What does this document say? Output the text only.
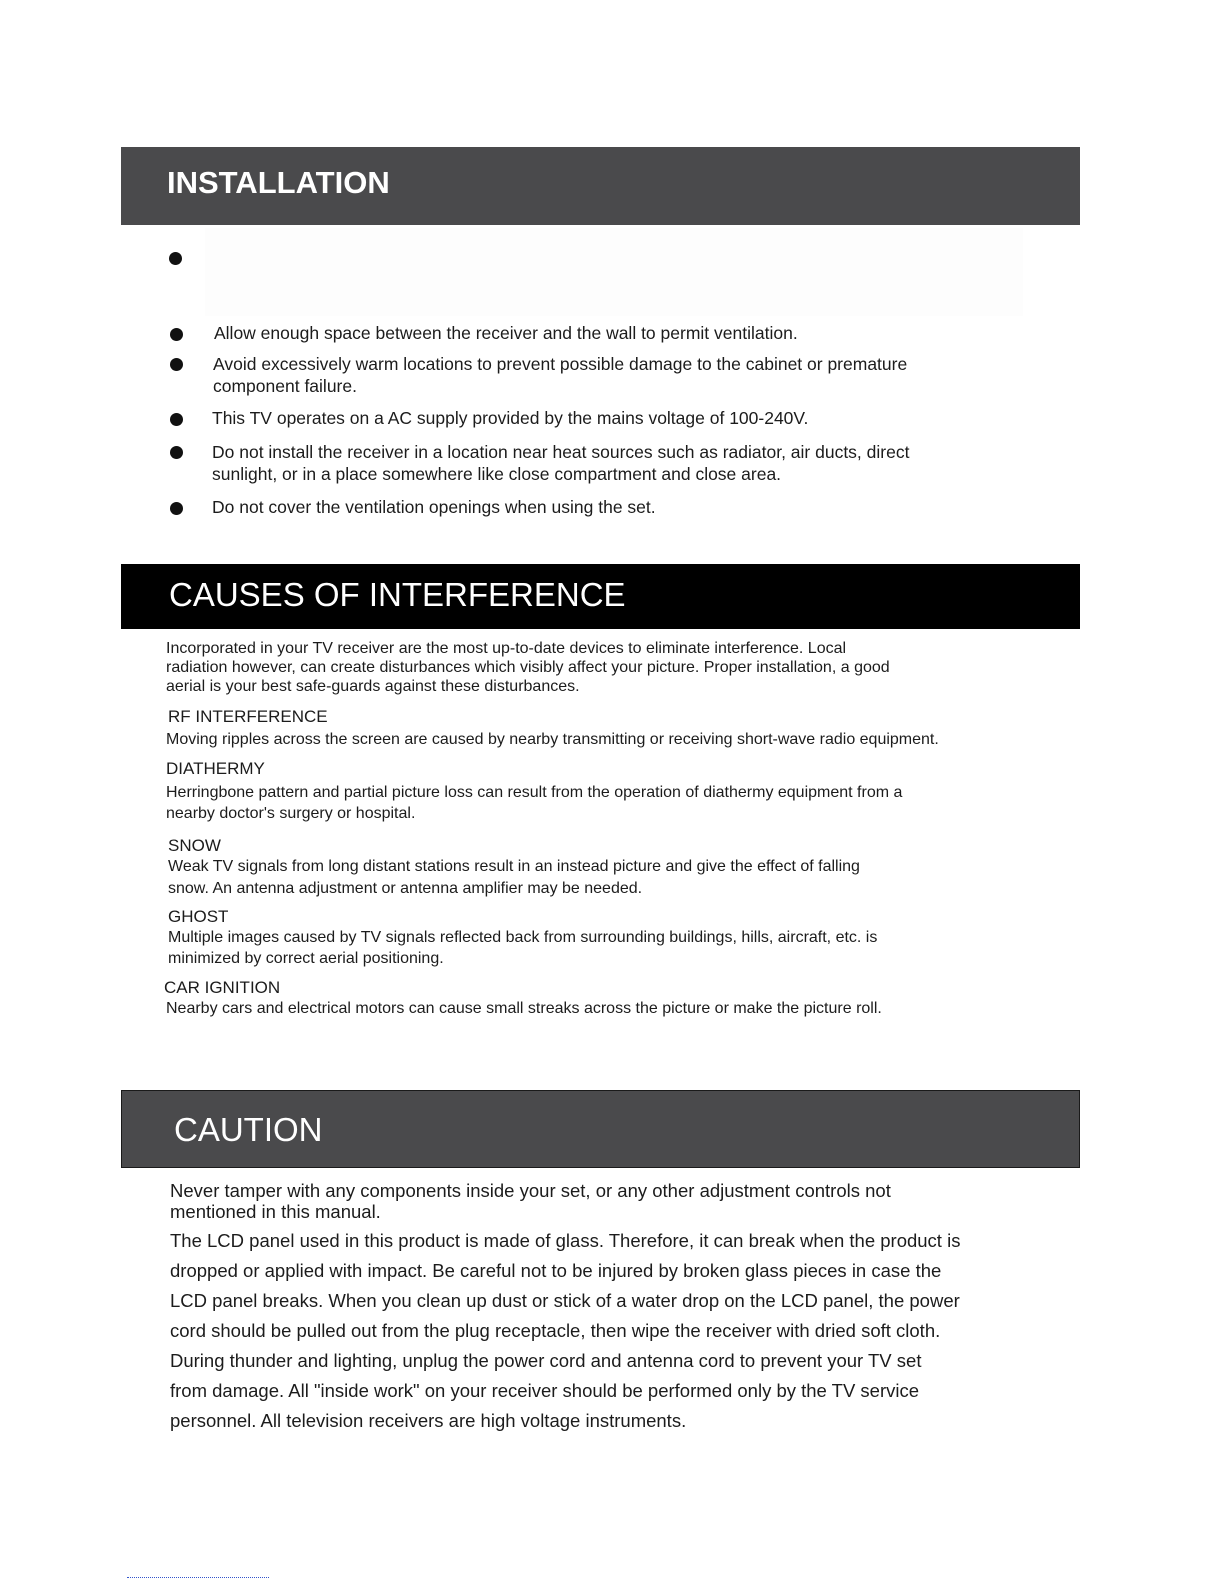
INSTALLATION
Allow enough space between the receiver and the wall to permit ventilation.
Avoid excessively warm locations to prevent possible damage to the cabinet or premature
component failure.
This TV operates on a AC supply provided by the mains voltage of 100-240V.
Do not install the receiver in a location near heat sources such as radiator, air ducts, direct
sunlight, or in a place somewhere like close compartment and close area.
Do not cover the ventilation openings when using the set.
CAUSES OF INTERFERENCE
Incorporated in your TV receiver are the most up-to-date devices to eliminate interference. Local
radiation however, can create disturbances which visibly affect your picture. Proper installation, a good
aerial is your best safe-guards against these disturbances.
RF INTERFERENCE
Moving ripples across the screen are caused by nearby transmitting or receiving short-wave radio equipment.
DIATHERMY
Herringbone pattern and partial picture loss can result from the operation of diathermy equipment from a
nearby doctor's surgery or hospital.
SNOW
Weak TV signals from long distant stations result in an instead picture and give the effect of falling
snow. An antenna adjustment or antenna amplifier may be needed.
GHOST
Multiple images caused by TV signals reflected back from surrounding buildings, hills, aircraft, etc. is
minimized by correct aerial positioning.
CAR IGNITION
Nearby cars and electrical motors can cause small streaks across the picture or make the picture roll.
CAUTION
Never tamper with any components inside your set, or any other adjustment controls not
mentioned in this manual.
The LCD panel used in this product is made of glass. Therefore, it can break when the product is
dropped or applied with impact. Be careful not to be injured by broken glass pieces in case the
LCD panel breaks. When you clean up dust or stick of a water drop on the LCD panel, the power
cord should be pulled out from the plug receptacle, then wipe the receiver with dried soft cloth.
During thunder and lighting, unplug the power cord and antenna cord to prevent your TV set
from damage. All "inside work" on your receiver should be performed only by the TV service
personnel. All television receivers are high voltage instruments.
